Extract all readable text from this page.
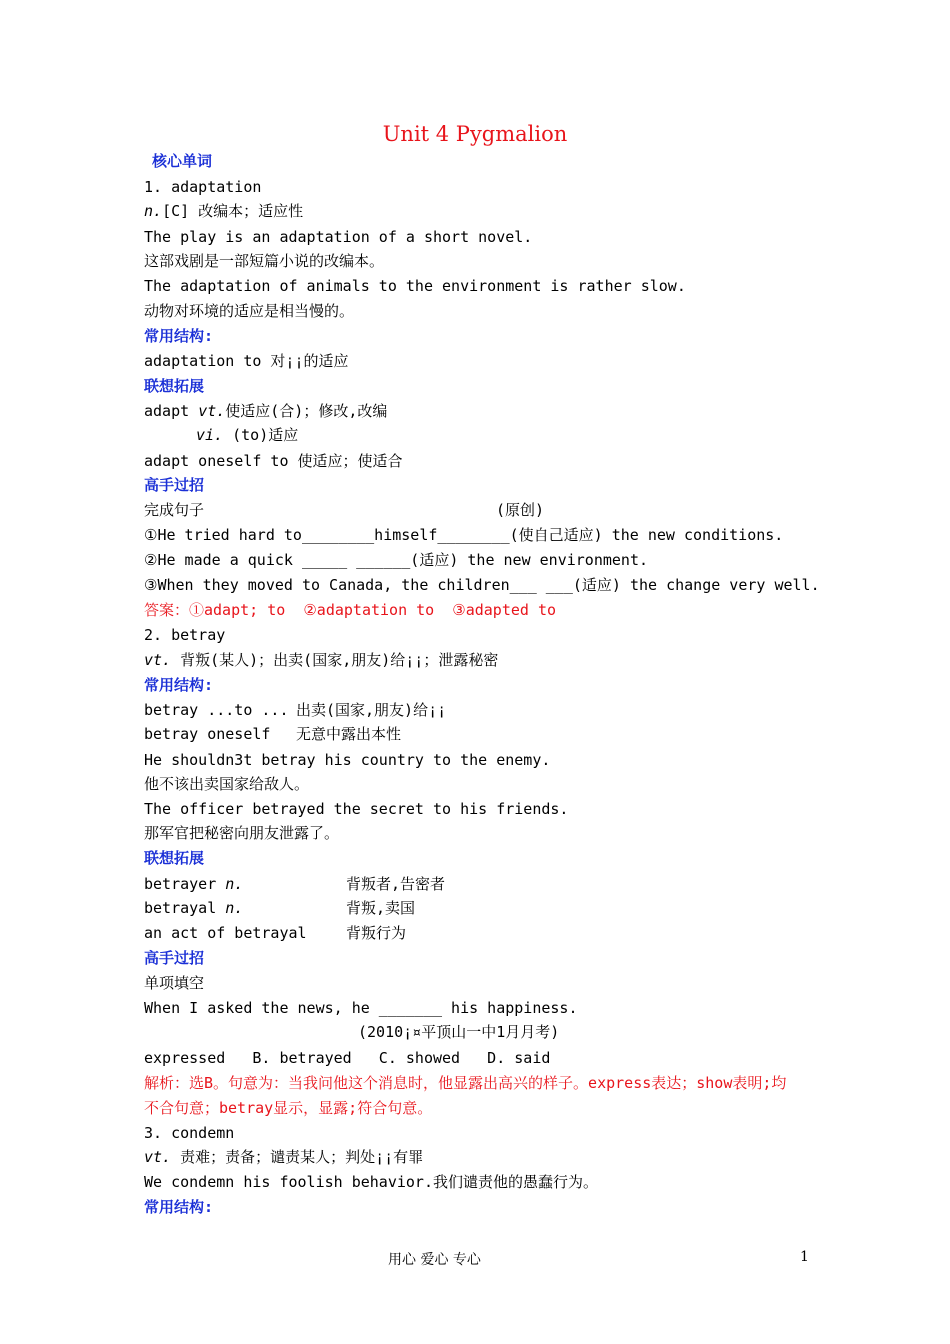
Unit 4 Pygmalion
核心单词
1. adaptation
n.[C] 改编本；适应性
The play is an adaptation of a short novel.
这部戏剧是一部短篇小说的改编本。
The adaptation of animals to the environment is rather slow.
动物对环境的适应是相当慢的。
常用结构:
adaptation to 对¡¡的适应
联想拓展
adapt vt.使适应(合)；修改,改编
vi. (to)适应
adapt oneself to 使适应；使适合
高手过招
完成句子	(原创)
①He tried hard to________himself________(使自己适应) the new conditions.
②He made a quick _____ ______(适应) the new environment.
③When they moved to Canada, the children___ ___(适应) the change very well.
答案：①adapt; to  ②adaptation to  ③adapted to
2. betray
vt. 背叛(某人)；出卖(国家,朋友)给¡¡；泄露秘密
常用结构:
betray ...to ... 出卖(国家,朋友)给¡¡
betray oneself 无意中露出本性
He shouldn3t betray his country to the enemy.
他不该出卖国家给敌人。
The officer betrayed the secret to his friends.
那军官把秘密向朋友泄露了。
联想拓展
betrayer n.	背叛者,告密者
betrayal n.	背叛,卖国
an act of betrayal	背叛行为
高手过招
单项填空
When I asked the news, he _______ his happiness.
(2010¡¤平顶山一中1月月考)
expressed   B. betrayed   C. showed   D. said
解析：选B。句意为：当我问他这个消息时，他显露出高兴的样子。express表达；show表明;均
不合句意；betray显示，显露;符合句意。
3. condemn
vt. 责难；责备；谴责某人；判处¡¡有罪
We condemn his foolish behavior.我们谴责他的愚蠢行为。
常用结构:
用心 爱心 专心	1
